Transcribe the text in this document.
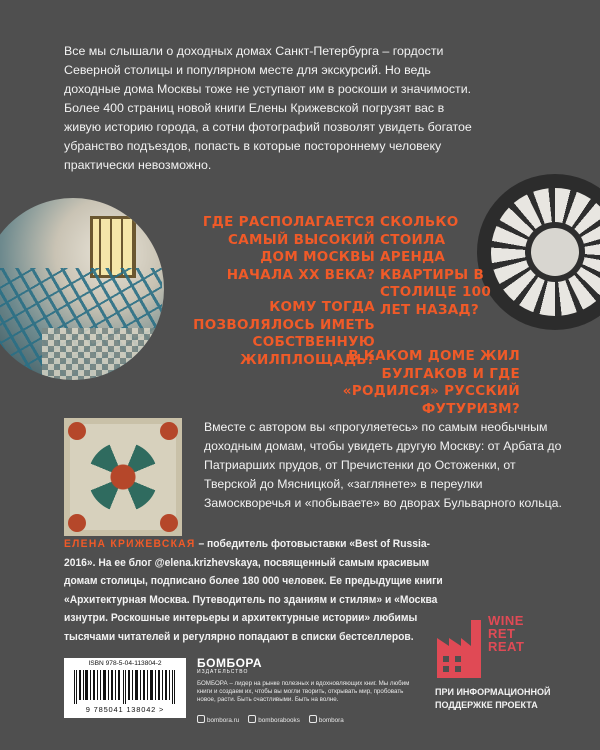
Все мы слышали о доходных домах Санкт-Петербурга – гордости Северной столицы и популярном месте для экскурсий. Но ведь доходные дома Москвы тоже не уступают им в роскоши и значимости. Более 400 страниц новой книги Елены Крижевской погрузят вас в живую историю города, а сотни фотографий позволят увидеть богатое убранство подъездов, попасть в которые постороннему человеку практически невозможно.
ГДЕ РАСПОЛАГАЕТСЯ САМЫЙ ВЫСОКИЙ ДОМ МОСКВЫ НАЧАЛА XX ВЕКА?
СКОЛЬКО СТОИЛА АРЕНДА КВАРТИРЫ В СТОЛИЦЕ 100 ЛЕТ НАЗАД?
КОМУ ТОГДА ПОЗВОЛЯЛОСЬ ИМЕТЬ СОБСТВЕННУЮ ЖИЛПЛОЩАДЬ?
В КАКОМ ДОМЕ ЖИЛ БУЛГАКОВ И ГДЕ «РОДИЛСЯ» РУССКИЙ ФУТУРИЗМ?
Вместе с автором вы «прогуляетесь» по самым необычным доходным домам, чтобы увидеть другую Москву: от Арбата до Патриарших прудов, от Пречистенки до Остоженки, от Тверской до Мясницкой, «заглянете» в переулки Замоскворечья и «побываете» во дворах Бульварного кольца.
ЕЛЕНА КРИЖЕВСКАЯ – победитель фотовыставки «Best of Russia-2016». На ее блог @elena.krizhevskaya, посвященный самым красивым домам столицы, подписано более 180 000 человек. Ее предыдущие книги «Архитектурная Москва. Путеводитель по зданиям и стилям» и «Москва изнутри. Роскошные интерьеры и архитектурные истории» любимы тысячами читателей и регулярно попадают в списки бестселлеров.
ISBN 978-5-04-113804-2
9 785041 138042 >
БОМБОРА
ИЗДАТЕЛЬСТВО
БОМБОРА – лидер на рынке полезных и вдохновляющих книг. Мы любим книги и создаем их, чтобы вы могли творить, открывать мир, пробовать новое, расти. Быть счастливыми. Быть на волне.
bombora.ru	bomborabooks	bombora
WINE
RET
REAT
ПРИ ИНФОРМАЦИОННОЙ ПОДДЕРЖКЕ ПРОЕКТА
